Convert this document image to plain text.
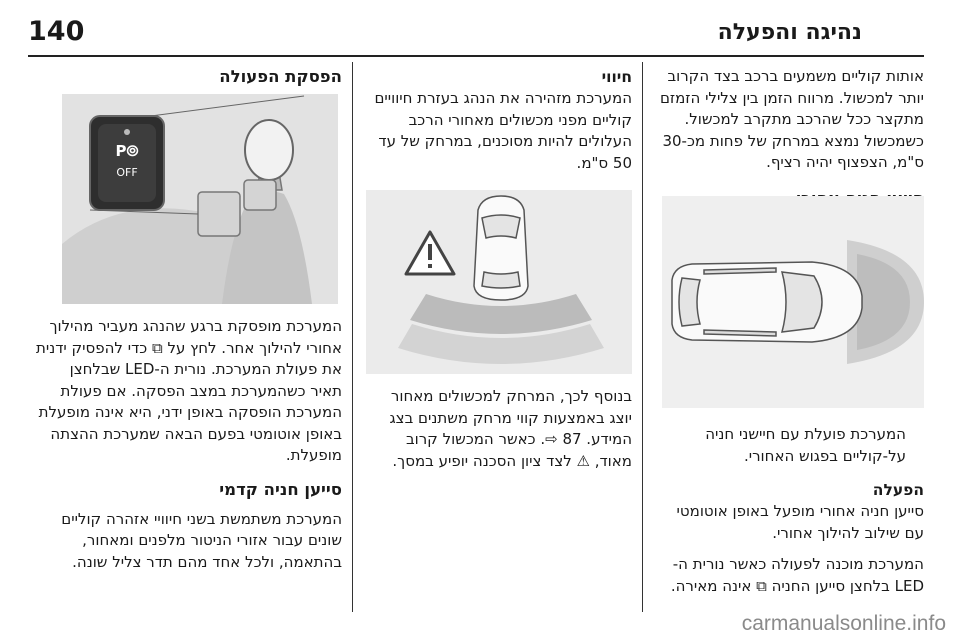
140	נהיגה והפעלה

אותות קוליים משמעים ברכב בצד הקרוב יותר למכשול. מרווח הזמן בין צלילי הזמזם מתקצר ככל שהרכב מתקרב למכשול. כשמכשול נמצא במרחק של פחות מכ-30 ס"מ, הצפצוף יהיה רציף.

המערכת פועלת עם חיישני חניה על-קוליים בפגוש האחורי.

הפעלה

סייען חניה אחורי מופעל באופן אוטומטי עם שילוב להילוך אחורי.

המערכת מוכנה לפעולה כאשר נורית ה-LED בלחצן סייען החניה ⧉ אינה מאירה.

חיווי

המערכת מזהירה את הנהג בעזרת חיוויים קוליים מפני מכשולים מאחורי הרכב העלולים להיות מסוכנים, במרחק של עד 50 ס"מ.

בנוסף לכך, המרחק למכשולים מאחור יוצג באמצעות קווי מרחק משתנים בצג המידע. 87 ⇨. כאשר המכשול קרוב מאוד, ⚠ לצד ציון הסכנה יופיע במסך.

הפסקת הפעולה
P⦾
OFF

המערכת מופסקת ברגע שהנהג מעביר מהילוך אחורי להילוך אחר. לחץ על ⧉ כדי להפסיק ידנית את פעולת המערכת. נורית ה-LED שבלחצן תאיר כשהמערכת במצב הפסקה. אם פעולת המערכת הופסקה באופן ידני, היא אינה מופעלת באופן אוטומטי בפעם הבאה שמערכת ההצתה מופעלת.

סייען חניה קדמי

המערכת משתמשת בשני חיוויי אזהרה קוליים שונים עבור אזורי הניטור מלפנים ומאחור, בהתאמה, ולכל אחד מהם תדר צליל שונה.

carmanualsonline.info
